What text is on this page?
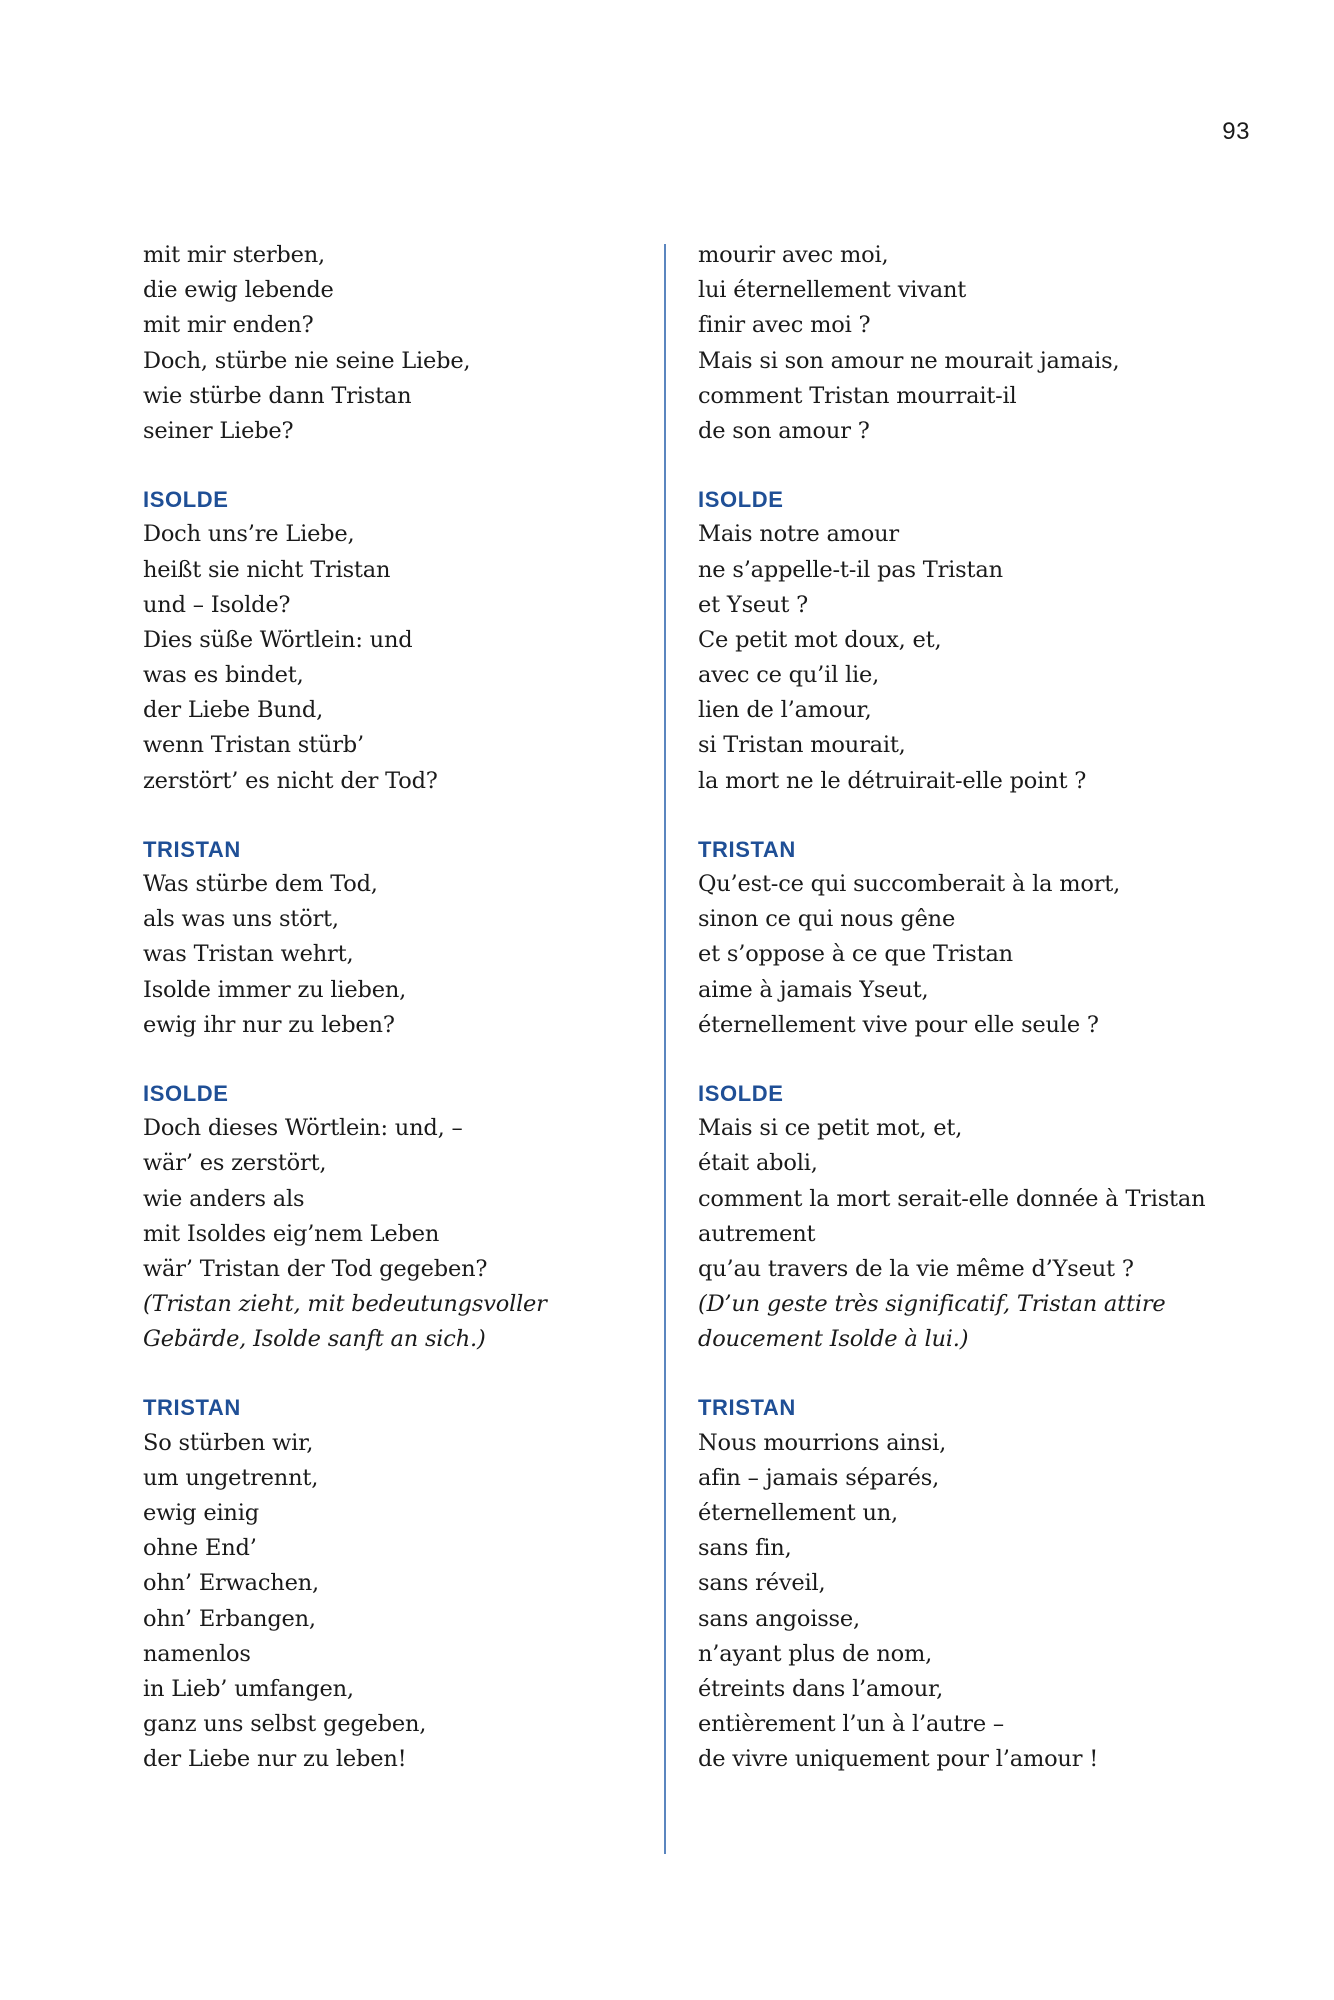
93
mit mir sterben,
die ewig lebende
mit mir enden?
Doch, stürbe nie seine Liebe,
wie stürbe dann Tristan
seiner Liebe?
ISOLDE
Doch uns’re Liebe,
heißt sie nicht Tristan
und – Isolde?
Dies süße Wörtlein: und
was es bindet,
der Liebe Bund,
wenn Tristan stürb’
zerstört’ es nicht der Tod?
TRISTAN
Was stürbe dem Tod,
als was uns stört,
was Tristan wehrt,
Isolde immer zu lieben,
ewig ihr nur zu leben?
ISOLDE
Doch dieses Wörtlein: und, –
wär’ es zerstört,
wie anders als
mit Isoldes eig’nem Leben
wär’ Tristan der Tod gegeben?
(Tristan zieht, mit bedeutungsvoller
Gebärde, Isolde sanft an sich.)
TRISTAN
So stürben wir,
um ungetrennt,
ewig einig
ohne End’
ohn’ Erwachen,
ohn’ Erbangen,
namenlos
in Lieb’ umfangen,
ganz uns selbst gegeben,
der Liebe nur zu leben!
mourir avec moi,
lui éternellement vivant
finir avec moi ?
Mais si son amour ne mourait jamais,
comment Tristan mourrait-il
de son amour ?
ISOLDE
Mais notre amour
ne s’appelle-t-il pas Tristan
et Yseut ?
Ce petit mot doux, et,
avec ce qu’il lie,
lien de l’amour,
si Tristan mourait,
la mort ne le détruirait-elle point ?
TRISTAN
Qu’est-ce qui succomberait à la mort,
sinon ce qui nous gêne
et s’oppose à ce que Tristan
aime à jamais Yseut,
éternellement vive pour elle seule ?
ISOLDE
Mais si ce petit mot, et,
était aboli,
comment la mort serait-elle donnée à Tristan
autrement
qu’au travers de la vie même d’Yseut ?
(D’un geste très significatif, Tristan attire
doucement Isolde à lui.)
TRISTAN
Nous mourrions ainsi,
afin – jamais séparés,
éternellement un,
sans fin,
sans réveil,
sans angoisse,
n’ayant plus de nom,
étreints dans l’amour,
entièrement l’un à l’autre –
de vivre uniquement pour l’amour !
